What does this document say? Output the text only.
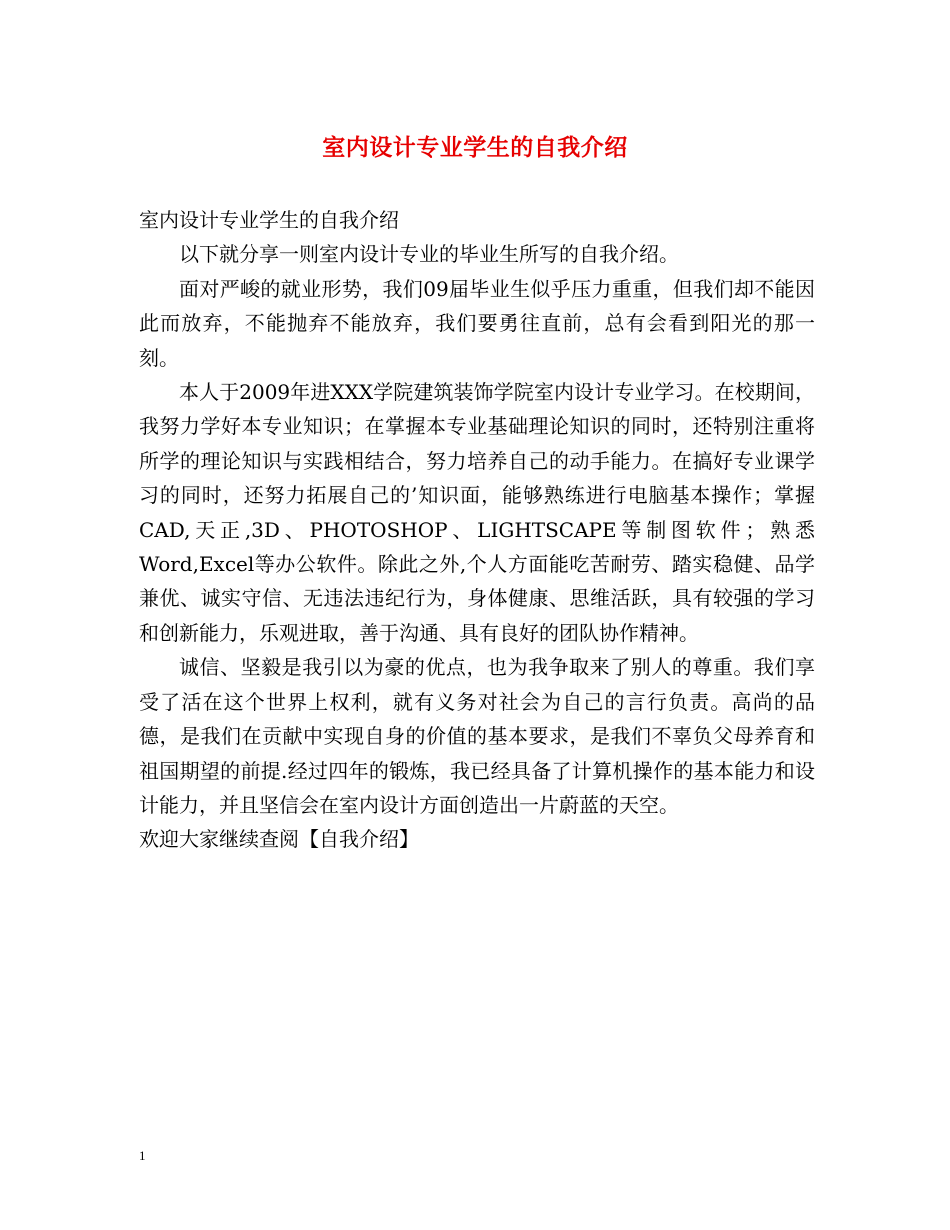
室内设计专业学生的自我介绍

室内设计专业学生的自我介绍

以下就分享一则室内设计专业的毕业生所写的自我介绍。

面对严峻的就业形势，我们09届毕业生似乎压力重重，但我们却不能因此而放弃，不能抛弃不能放弃，我们要勇往直前，总有会看到阳光的那一刻。

本人于2009年进XXX学院建筑装饰学院室内设计专业学习。在校期间，我努力学好本专业知识；在掌握本专业基础理论知识的同时，还特别注重将所学的理论知识与实践相结合，努力培养自己的动手能力。在搞好专业课学习的同时，还努力拓展自己的’知识面，能够熟练进行电脑基本操作；掌握CAD,天正,3D、PHOTOSHOP、LIGHTSCAPE等制图软件；熟悉Word,Excel等办公软件。除此之外,个人方面能吃苦耐劳、踏实稳健、品学兼优、诚实守信、无违法违纪行为，身体健康、思维活跃，具有较强的学习和创新能力，乐观进取，善于沟通、具有良好的团队协作精神。

诚信、坚毅是我引以为豪的优点，也为我争取来了别人的尊重。我们享受了活在这个世界上权利，就有义务对社会为自己的言行负责。高尚的品德，是我们在贡献中实现自身的价值的基本要求，是我们不辜负父母养育和祖国期望的前提.经过四年的锻炼，我已经具备了计算机操作的基本能力和设计能力，并且坚信会在室内设计方面创造出一片蔚蓝的天空。

欢迎大家继续查阅【自我介绍】

1
